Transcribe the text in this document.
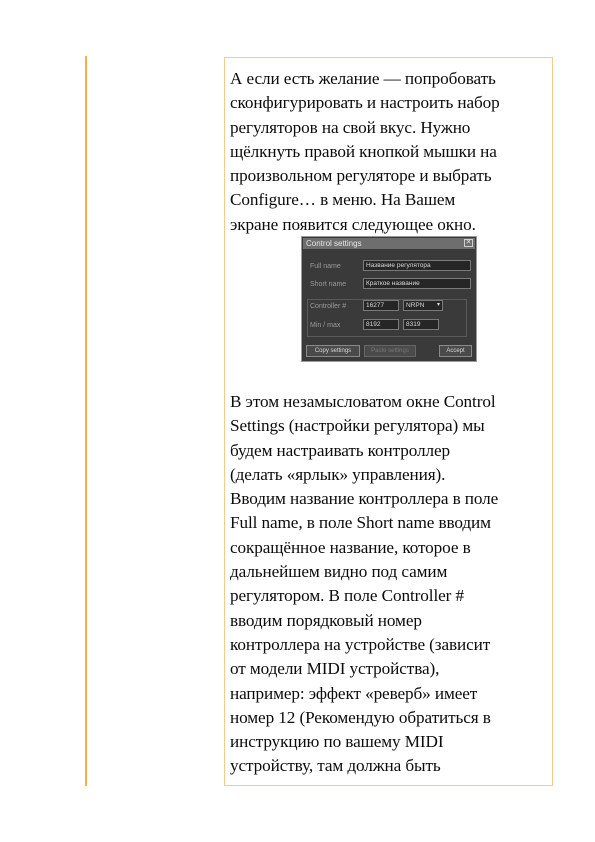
А если есть желание — попробовать
сконфигурировать и настроить набор
регуляторов на свой вкус. Нужно
щёлкнуть правой кнопкой мышки на
произвольном регуляторе и выбрать
Configure… в меню. На Вашем
экране появится следующее окно.
Control settings	✕
Full name	Название регулятора
Short name	Краткое название
Controller #	16277	NRPN ▾
Min / max	8192	8319
Copy settings	Paste settings	Accept
В этом незамысловатом окне Control
Settings (настройки регулятора) мы
будем настраивать контроллер
(делать «ярлык» управления).
Вводим название контроллера в поле
Full name, в поле Short name вводим
сокращённое название, которое в
дальнейшем видно под самим
регулятором. В поле Controller #
вводим порядковый номер
контроллера на устройстве (зависит
от модели MIDI устройства),
например: эффект «реверб» имеет
номер 12 (Рекомендую обратиться в
инструкцию по вашему MIDI
устройству, там должна быть
